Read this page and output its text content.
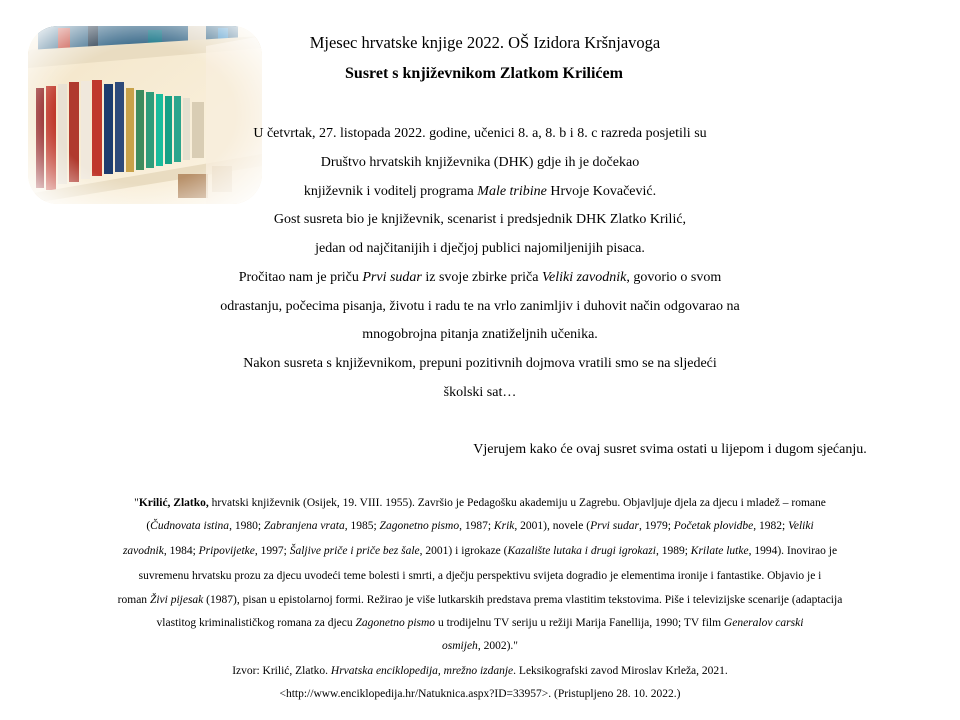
Mjesec hrvatske knjige 2022. OŠ Izidora Kršnjavoga
Susret s književnikom Zlatkom Krilićem
U četvrtak, 27. listopada 2022. godine, učenici 8. a, 8. b i 8. c razreda posjetili su
Društvo hrvatskih književnika (DHK) gdje ih je dočekao
književnik i voditelj programa Male tribine Hrvoje Kovačević.
Gost susreta bio je književnik, scenarist i predsjednik DHK Zlatko Krilić,
jedan od najčitanijih i dječjoj publici najomiljenijih pisaca.
Pročitao nam je priču Prvi sudar iz svoje zbirke priča Veliki zavodnik, govorio o svom
odrastanju, počecima pisanja, životu i radu te na vrlo zanimljiv i duhovit način odgovarao na
mnogobrojna pitanja znatiželjnih učenika.
Nakon susreta s književnikom, prepuni pozitivnih dojmova vratili smo se na sljedeći
školski sat…
Vjerujem kako će ovaj susret svima ostati u lijepom i dugom sjećanju.
"Krilić, Zlatko, hrvatski književnik (Osijek, 19. VIII. 1955). Završio je Pedagošku akademiju u Zagrebu. Objavljuje djela za djecu i mladež – romane
(Čudnovata istina, 1980; Zabranjena vrata, 1985; Zagonetno pismo, 1987; Krik, 2001), novele (Prvi sudar, 1979; Početak plovidbe, 1982; Veliki
zavodnik, 1984; Pripovijetke, 1997; Šaljive priče i priče bez šale, 2001) i igrokaze (Kazalište lutaka i drugi igrokazi, 1989; Krilate lutke, 1994). Inovirao je
suvremenu hrvatsku prozu za djecu uvodeći teme bolesti i smrti, a dječju perspektivu svijeta dogradio je elementima ironije i fantastike. Objavio je i
roman Živi pijesak (1987), pisan u epistolarnoj formi. Režirao je više lutkarskih predstava prema vlastitim tekstovima. Piše i televizijske scenarije (adaptacija
vlastitog kriminalističkog romana za djecu Zagonetno pismo u trodijelnu TV seriju u režiji Marija Fanellija, 1990; TV film Generalov carski
osmijeh, 2002)."
Izvor: Krilić, Zlatko. Hrvatska enciklopedija, mrežno izdanje. Leksikografski zavod Miroslav Krleža, 2021.
<http://www.enciklopedija.hr/Natuknica.aspx?ID=33957>. (Pristupljeno 28. 10. 2022.)
